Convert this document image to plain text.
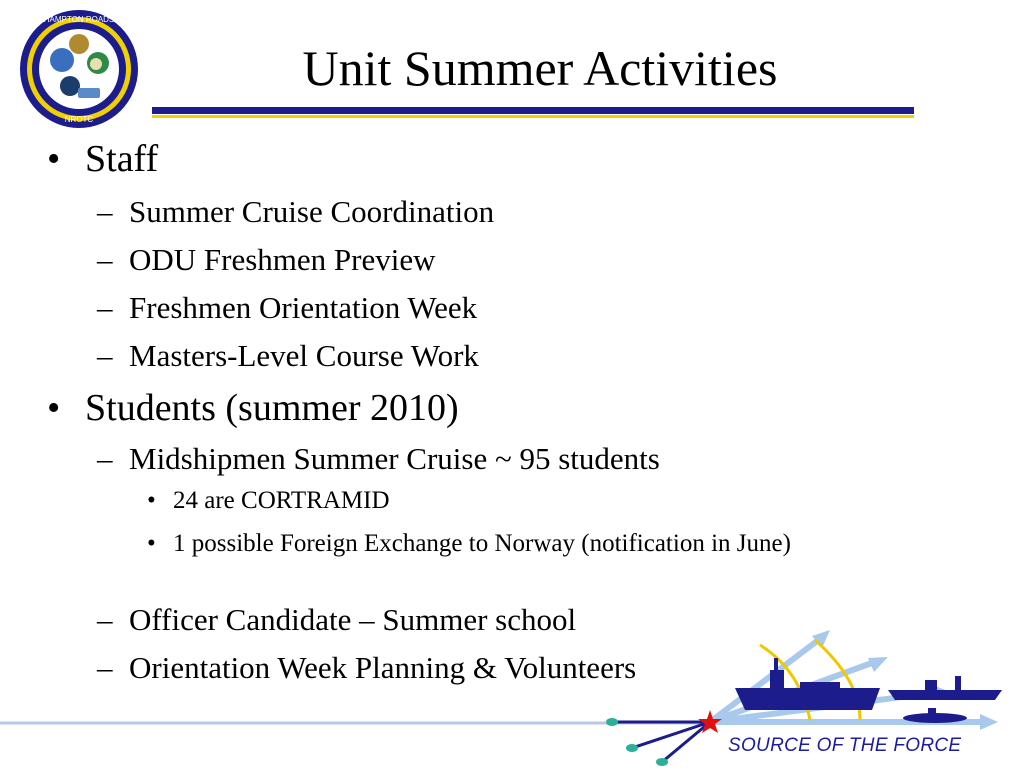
HAMPTON ROADS
NROTC
Unit Summer Activities

• Staff

– Summer Cruise Coordination

– ODU Freshmen Preview

– Freshmen Orientation Week

– Masters-Level Course Work

• Students (summer 2010)

– Midshipmen Summer Cruise ~ 95 students

• 24 are CORTRAMID

• 1 possible Foreign Exchange to Norway (notification in June)

– Officer Candidate – Summer school

– Orientation Week Planning & Volunteers

SOURCE OF THE FORCE
